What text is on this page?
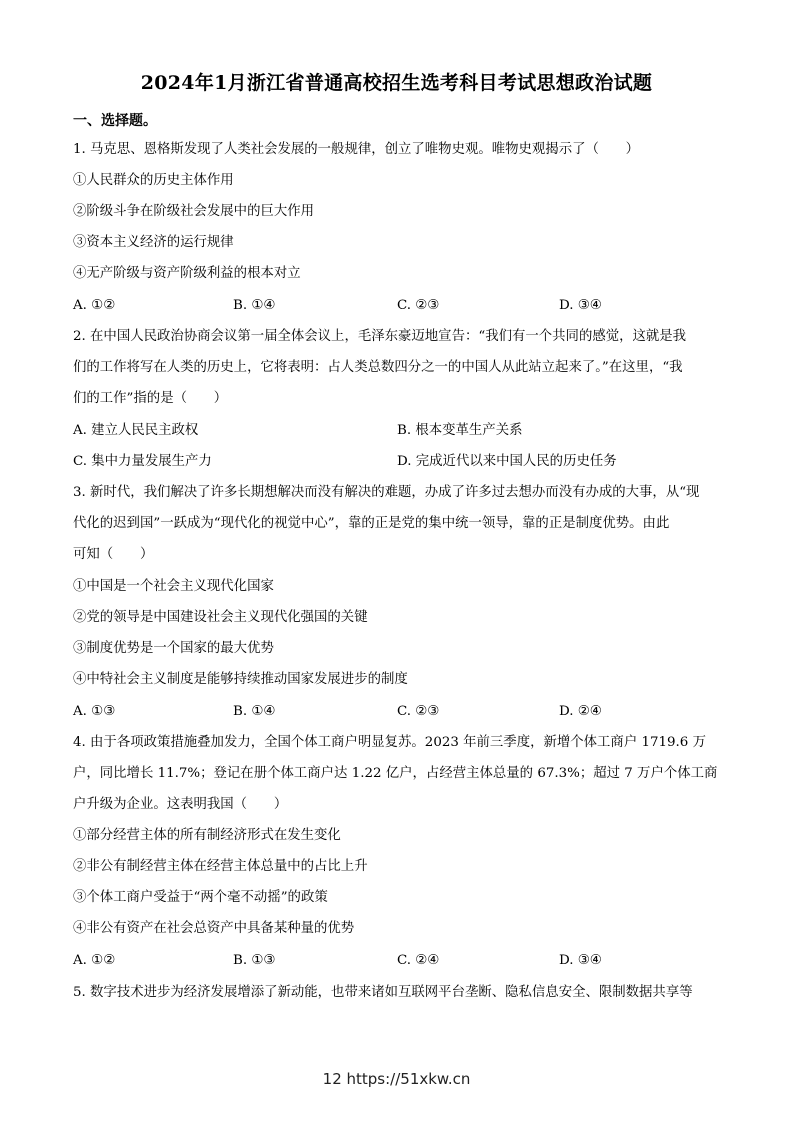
2024年1月浙江省普通高校招生选考科目考试思想政治试题
一、选择题。
1. 马克思、恩格斯发现了人类社会发展的一般规律，创立了唯物史观。唯物史观揭示了（　　）
①人民群众的历史主体作用
②阶级斗争在阶级社会发展中的巨大作用
③资本主义经济的运行规律
④无产阶级与资产阶级利益的根本对立
A. ①②	B. ①④	C. ②③	D. ③④
2. 在中国人民政治协商会议第一届全体会议上，毛泽东豪迈地宣告：“我们有一个共同的感觉，这就是我
们的工作将写在人类的历史上，它将表明：占人类总数四分之一的中国人从此站立起来了。”在这里，“我
们的工作”指的是（　　）
A. 建立人民民主政权	B. 根本变革生产关系
C. 集中力量发展生产力	D. 完成近代以来中国人民的历史任务
3. 新时代，我们解决了许多长期想解决而没有解决的难题，办成了许多过去想办而没有办成的大事，从“现
代化的迟到国”一跃成为“现代化的视觉中心”，靠的正是党的集中统一领导，靠的正是制度优势。由此
可知（　　）
①中国是一个社会主义现代化国家
②党的领导是中国建设社会主义现代化强国的关键
③制度优势是一个国家的最大优势
④中特社会主义制度是能够持续推动国家发展进步的制度
A. ①③	B. ①④	C. ②③	D. ②④
4. 由于各项政策措施叠加发力，全国个体工商户明显复苏。2023 年前三季度，新增个体工商户 1719.6 万
户，同比增长 11.7%；登记在册个体工商户达 1.22 亿户，占经营主体总量的 67.3%；超过 7 万户个体工商
户升级为企业。这表明我国（　　）
①部分经营主体的所有制经济形式在发生变化
②非公有制经营主体在经营主体总量中的占比上升
③个体工商户受益于“两个毫不动摇”的政策
④非公有资产在社会总资产中具备某种量的优势
A. ①②	B. ①③	C. ②④	D. ③④
5. 数字技术进步为经济发展增添了新动能，也带来诸如互联网平台垄断、隐私信息安全、限制数据共享等
12 https://51xkw.cn
